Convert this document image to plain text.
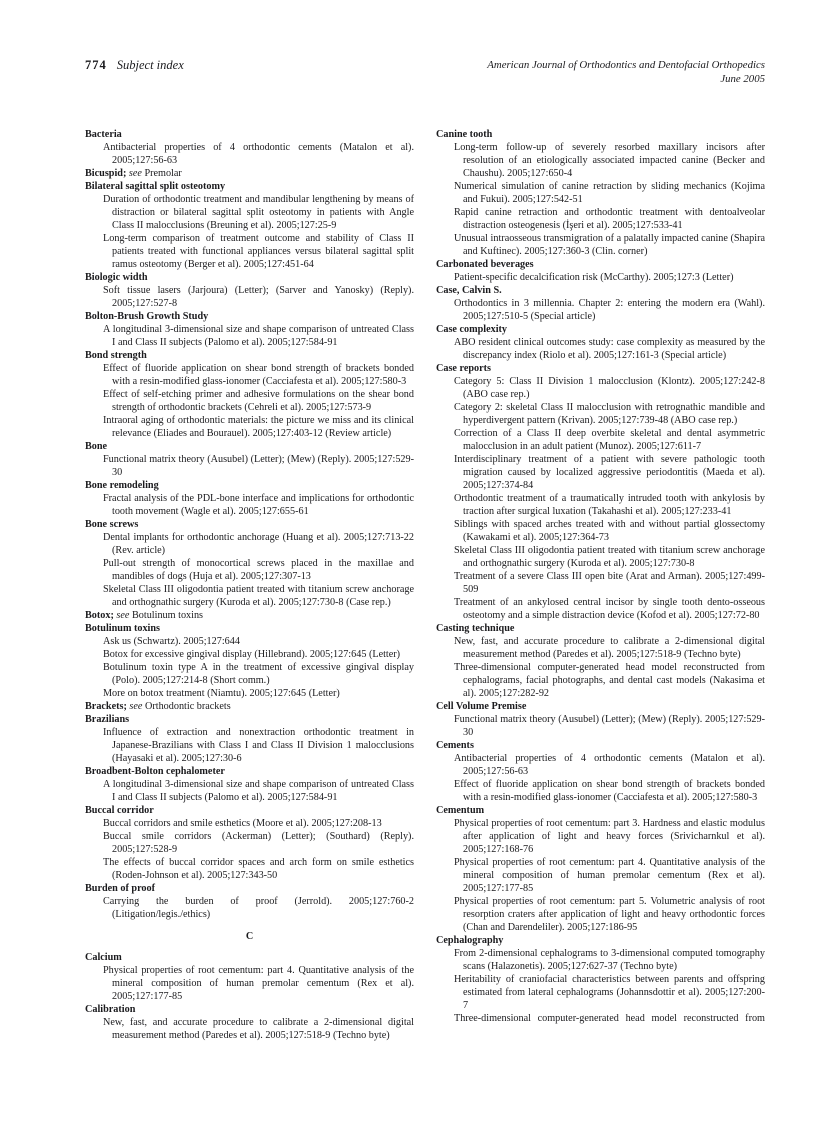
774 Subject index	American Journal of Orthodontics and Dentofacial Orthopedics
June 2005
Bacteria
Antibacterial properties of 4 orthodontic cements (Matalon et al). 2005;127:56-63
Bicuspid; see Premolar
Bilateral sagittal split osteotomy
Duration of orthodontic treatment and mandibular lengthening by means of distraction or bilateral sagittal split osteotomy in patients with Angle Class II malocclusions (Breuning et al). 2005;127:25-9
Long-term comparison of treatment outcome and stability of Class II patients treated with functional appliances versus bilateral sagittal split ramus osteotomy (Berger et al). 2005;127:451-64
Biologic width
Soft tissue lasers (Jarjoura) (Letter); (Sarver and Yanosky) (Reply). 2005;127:527-8
Bolton-Brush Growth Study
A longitudinal 3-dimensional size and shape comparison of untreated Class I and Class II subjects (Palomo et al). 2005;127:584-91
Bond strength
Effect of fluoride application on shear bond strength of brackets bonded with a resin-modified glass-ionomer (Cacciafesta et al). 2005;127:580-3
Effect of self-etching primer and adhesive formulations on the shear bond strength of orthodontic brackets (Cehreli et al). 2005;127:573-9
Intraoral aging of orthodontic materials: the picture we miss and its clinical relevance (Eliades and Bourauel). 2005;127:403-12 (Review article)
Bone
Functional matrix theory (Ausubel) (Letter); (Mew) (Reply). 2005;127:529-30
Bone remodeling
Fractal analysis of the PDL-bone interface and implications for orthodontic tooth movement (Wagle et al). 2005;127:655-61
Bone screws
Dental implants for orthodontic anchorage (Huang et al). 2005;127:713-22 (Rev. article)
Pull-out strength of monocortical screws placed in the maxillae and mandibles of dogs (Huja et al). 2005;127:307-13
Skeletal Class III oligodontia patient treated with titanium screw anchorage and orthognathic surgery (Kuroda et al). 2005;127:730-8 (Case rep.)
Botox; see Botulinum toxins
Botulinum toxins
Ask us (Schwartz). 2005;127:644
Botox for excessive gingival display (Hillebrand). 2005;127:645 (Letter)
Botulinum toxin type A in the treatment of excessive gingival display (Polo). 2005;127:214-8 (Short comm.)
More on botox treatment (Niamtu). 2005;127:645 (Letter)
Brackets; see Orthodontic brackets
Brazilians
Influence of extraction and nonextraction orthodontic treatment in Japanese-Brazilians with Class I and Class II Division 1 malocclusions (Hayasaki et al). 2005;127:30-6
Broadbent-Bolton cephalometer
A longitudinal 3-dimensional size and shape comparison of untreated Class I and Class II subjects (Palomo et al). 2005;127:584-91
Buccal corridor
Buccal corridors and smile esthetics (Moore et al). 2005;127:208-13
Buccal smile corridors (Ackerman) (Letter); (Southard) (Reply). 2005;127:528-9
The effects of buccal corridor spaces and arch form on smile esthetics (Roden-Johnson et al). 2005;127:343-50
Burden of proof
Carrying the burden of proof (Jerrold). 2005;127:760-2 (Litigation/legis./ethics)
C
Calcium
Physical properties of root cementum: part 4. Quantitative analysis of the mineral composition of human premolar cementum (Rex et al). 2005;127:177-85
Calibration
New, fast, and accurate procedure to calibrate a 2-dimensional digital measurement method (Paredes et al). 2005;127:518-9 (Techno byte)
Canine tooth
Long-term follow-up of severely resorbed maxillary incisors after resolution of an etiologically associated impacted canine (Becker and Chaushu). 2005;127:650-4
Numerical simulation of canine retraction by sliding mechanics (Kojima and Fukui). 2005;127:542-51
Rapid canine retraction and orthodontic treatment with dentoalveolar distraction osteogenesis (İşeri et al). 2005;127:533-41
Unusual intraosseous transmigration of a palatally impacted canine (Shapira and Kuftinec). 2005;127:360-3 (Clin. corner)
Carbonated beverages
Patient-specific decalcification risk (McCarthy). 2005;127:3 (Letter)
Case, Calvin S.
Orthodontics in 3 millennia. Chapter 2: entering the modern era (Wahl). 2005;127:510-5 (Special article)
Case complexity
ABO resident clinical outcomes study: case complexity as measured by the discrepancy index (Riolo et al). 2005;127:161-3 (Special article)
Case reports
Category 5: Class II Division 1 malocclusion (Klontz). 2005;127:242-8 (ABO case rep.)
Category 2: skeletal Class II malocclusion with retrognathic mandible and hyperdivergent pattern (Krivan). 2005;127:739-48 (ABO case rep.)
Correction of a Class II deep overbite skeletal and dental asymmetric malocclusion in an adult patient (Munoz). 2005;127:611-7
Interdisciplinary treatment of a patient with severe pathologic tooth migration caused by localized aggressive periodontitis (Maeda et al). 2005;127:374-84
Orthodontic treatment of a traumatically intruded tooth with ankylosis by traction after surgical luxation (Takahashi et al). 2005;127:233-41
Siblings with spaced arches treated with and without partial glossectomy (Kawakami et al). 2005;127:364-73
Skeletal Class III oligodontia patient treated with titanium screw anchorage and orthognathic surgery (Kuroda et al). 2005;127:730-8
Treatment of a severe Class III open bite (Arat and Arman). 2005;127:499-509
Treatment of an ankylosed central incisor by single tooth dento-osseous osteotomy and a simple distraction device (Kofod et al). 2005;127:72-80
Casting technique
New, fast, and accurate procedure to calibrate a 2-dimensional digital measurement method (Paredes et al). 2005;127:518-9 (Techno byte)
Three-dimensional computer-generated head model reconstructed from cephalograms, facial photographs, and dental cast models (Nakasima et al). 2005;127:282-92
Cell Volume Premise
Functional matrix theory (Ausubel) (Letter); (Mew) (Reply). 2005;127:529-30
Cements
Antibacterial properties of 4 orthodontic cements (Matalon et al). 2005;127:56-63
Effect of fluoride application on shear bond strength of brackets bonded with a resin-modified glass-ionomer (Cacciafesta et al). 2005;127:580-3
Cementum
Physical properties of root cementum: part 3. Hardness and elastic modulus after application of light and heavy forces (Srivicharnkul et al). 2005;127:168-76
Physical properties of root cementum: part 4. Quantitative analysis of the mineral composition of human premolar cementum (Rex et al). 2005;127:177-85
Physical properties of root cementum: part 5. Volumetric analysis of root resorption craters after application of light and heavy orthodontic forces (Chan and Darendeliler). 2005;127:186-95
Cephalography
From 2-dimensional cephalograms to 3-dimensional computed tomography scans (Halazonetis). 2005;127:627-37 (Techno byte)
Heritability of craniofacial characteristics between parents and offspring estimated from lateral cephalograms (Johannsdottir et al). 2005;127:200-7
Three-dimensional computer-generated head model reconstructed from
